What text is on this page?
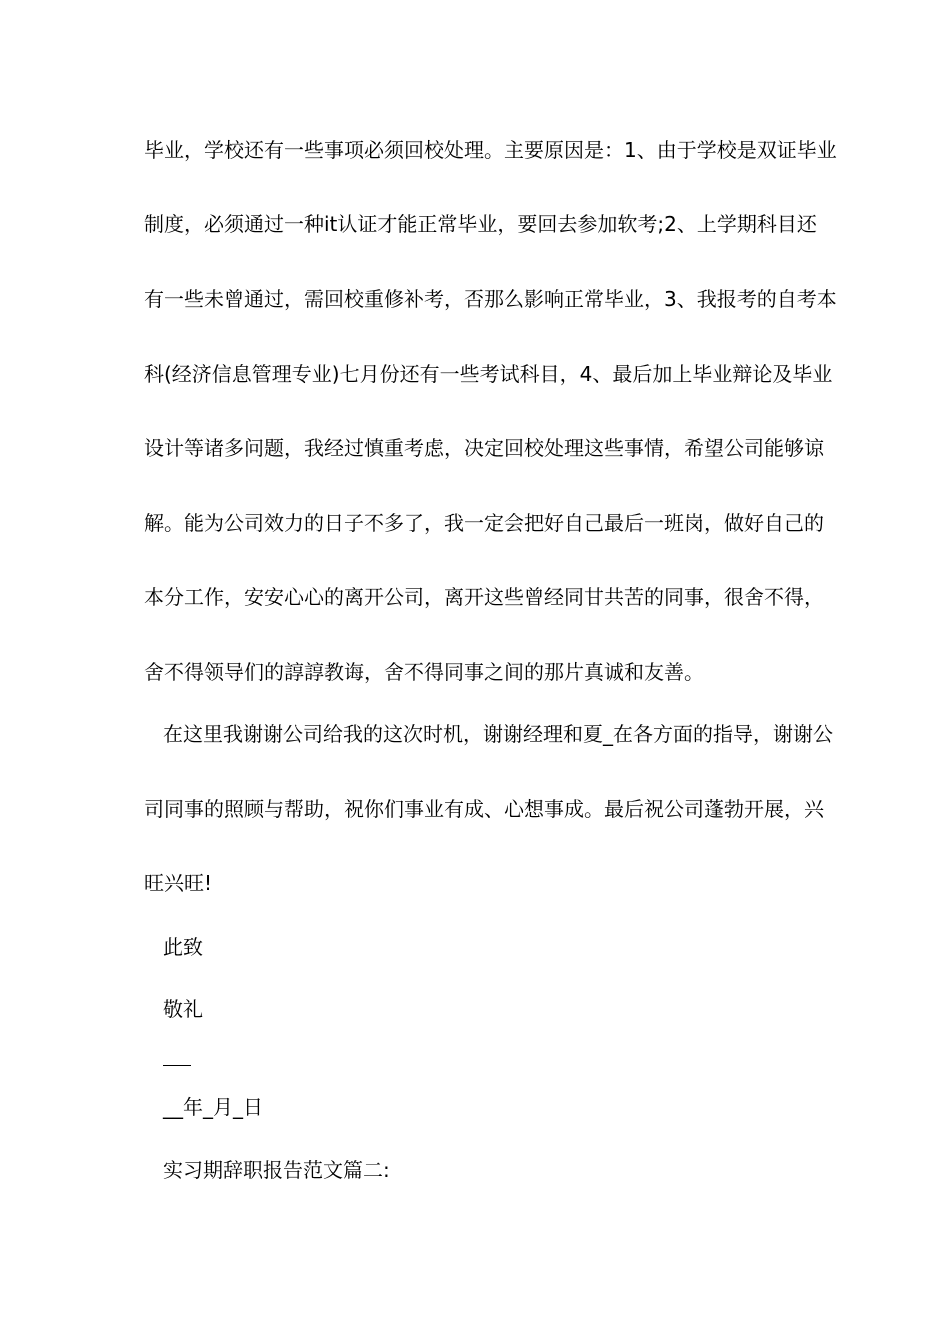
毕业，学校还有一些事项必须回校处理。主要原因是：1、由于学校是双证毕业
制度，必须通过一种it认证才能正常毕业，要回去参加软考;2、上学期科目还
有一些未曾通过，需回校重修补考，否那么影响正常毕业，3、我报考的自考本
科(经济信息管理专业)七月份还有一些考试科目，4、最后加上毕业辩论及毕业
设计等诸多问题，我经过慎重考虑，决定回校处理这些事情，希望公司能够谅
解。能为公司效力的日子不多了，我一定会把好自己最后一班岗，做好自己的
本分工作，安安心心的离开公司，离开这些曾经同甘共苦的同事，很舍不得，
舍不得领导们的諄諄教诲，舍不得同事之间的那片真诚和友善。
在这里我谢谢公司给我的这次时机，谢谢经理和夏_在各方面的指导，谢谢公
司同事的照顾与帮助，祝你们事业有成、心想事成。最后祝公司蓬勃开展，兴
旺兴旺!
此致
敬礼
__年_月_日
实习期辞职报告范文篇二:
